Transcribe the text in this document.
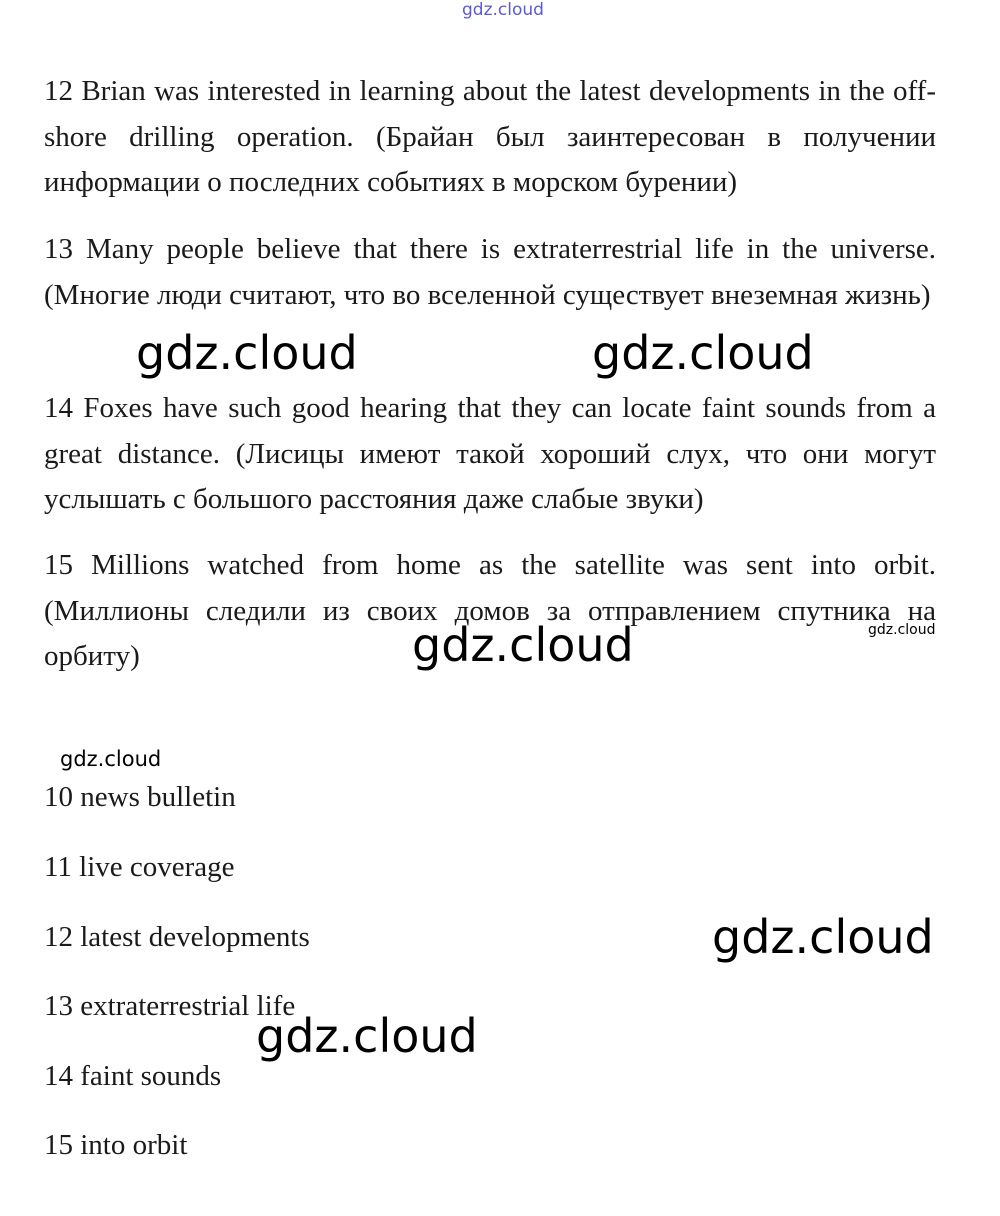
gdz.cloud
12 Brian was interested in learning about the latest developments in the off-shore drilling operation. (Брайан был заинтересован в получении информации о последних событиях в морском бурении)
13 Many people believe that there is extraterrestrial life in the universe. (Многие люди считают, что во вселенной существует внеземная жизнь)
14 Foxes have such good hearing that they can locate faint sounds from a great distance. (Лисицы имеют такой хороший слух, что они могут услышать с большого расстояния даже слабые звуки)
15 Millions watched from home as the satellite was sent into orbit. (Миллионы следили из своих домов за отправлением спутника на орбиту)
10 news bulletin
11 live coverage
12 latest developments
13 extraterrestrial life
14 faint sounds
15 into orbit
gdz.cloud	gdz.cloud
gdz.cloud	gdz.cloud
gdz.cloud
gdz.cloud
gdz.cloud
